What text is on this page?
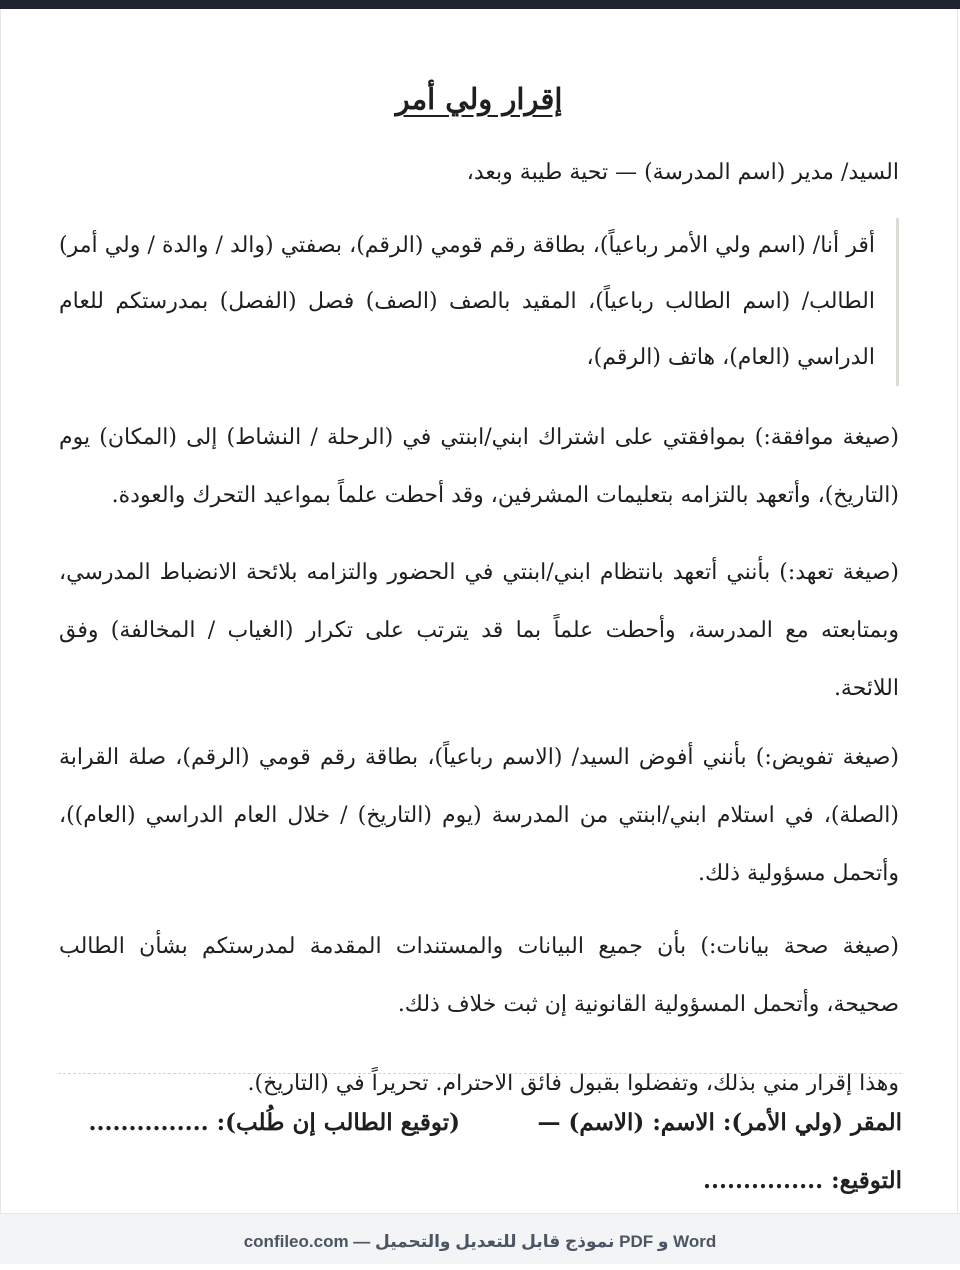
إقرار ولي أمر
السيد/ مدير (اسم المدرسة) — تحية طيبة وبعد،
أقر أنا/ (اسم ولي الأمر رباعياً)، بطاقة رقم قومي (الرقم)، بصفتي (والد / والدة / ولي أمر) الطالب/ (اسم الطالب رباعياً)، المقيد بالصف (الصف) فصل (الفصل) بمدرستكم للعام الدراسي (العام)، هاتف (الرقم)،
(صيغة موافقة:) بموافقتي على اشتراك ابني/ابنتي في (الرحلة / النشاط) إلى (المكان) يوم (التاريخ)، وأتعهد بالتزامه بتعليمات المشرفين، وقد أحطت علماً بمواعيد التحرك والعودة.
(صيغة تعهد:) بأنني أتعهد بانتظام ابني/ابنتي في الحضور والتزامه بلائحة الانضباط المدرسي، وبمتابعته مع المدرسة، وأحطت علماً بما قد يترتب على تكرار (الغياب / المخالفة) وفق اللائحة.
(صيغة تفويض:) بأنني أفوض السيد/ (الاسم رباعياً)، بطاقة رقم قومي (الرقم)، صلة القرابة (الصلة)، في استلام ابني/ابنتي من المدرسة (يوم (التاريخ) / خلال العام الدراسي (العام))، وأتحمل مسؤولية ذلك.
(صيغة صحة بيانات:) بأن جميع البيانات والمستندات المقدمة لمدرستكم بشأن الطالب صحيحة، وأتحمل المسؤولية القانونية إن ثبت خلاف ذلك.
وهذا إقرار مني بذلك، وتفضلوا بقبول فائق الاحترام. تحريراً في (التاريخ).
المقر (ولي الأمر): الاسم: (الاسم) —
(توقيع الطالب إن طُلب): ...............
التوقيع: ...............
confileo.com — نموذج قابل للتعديل والتحميل PDF و Word
